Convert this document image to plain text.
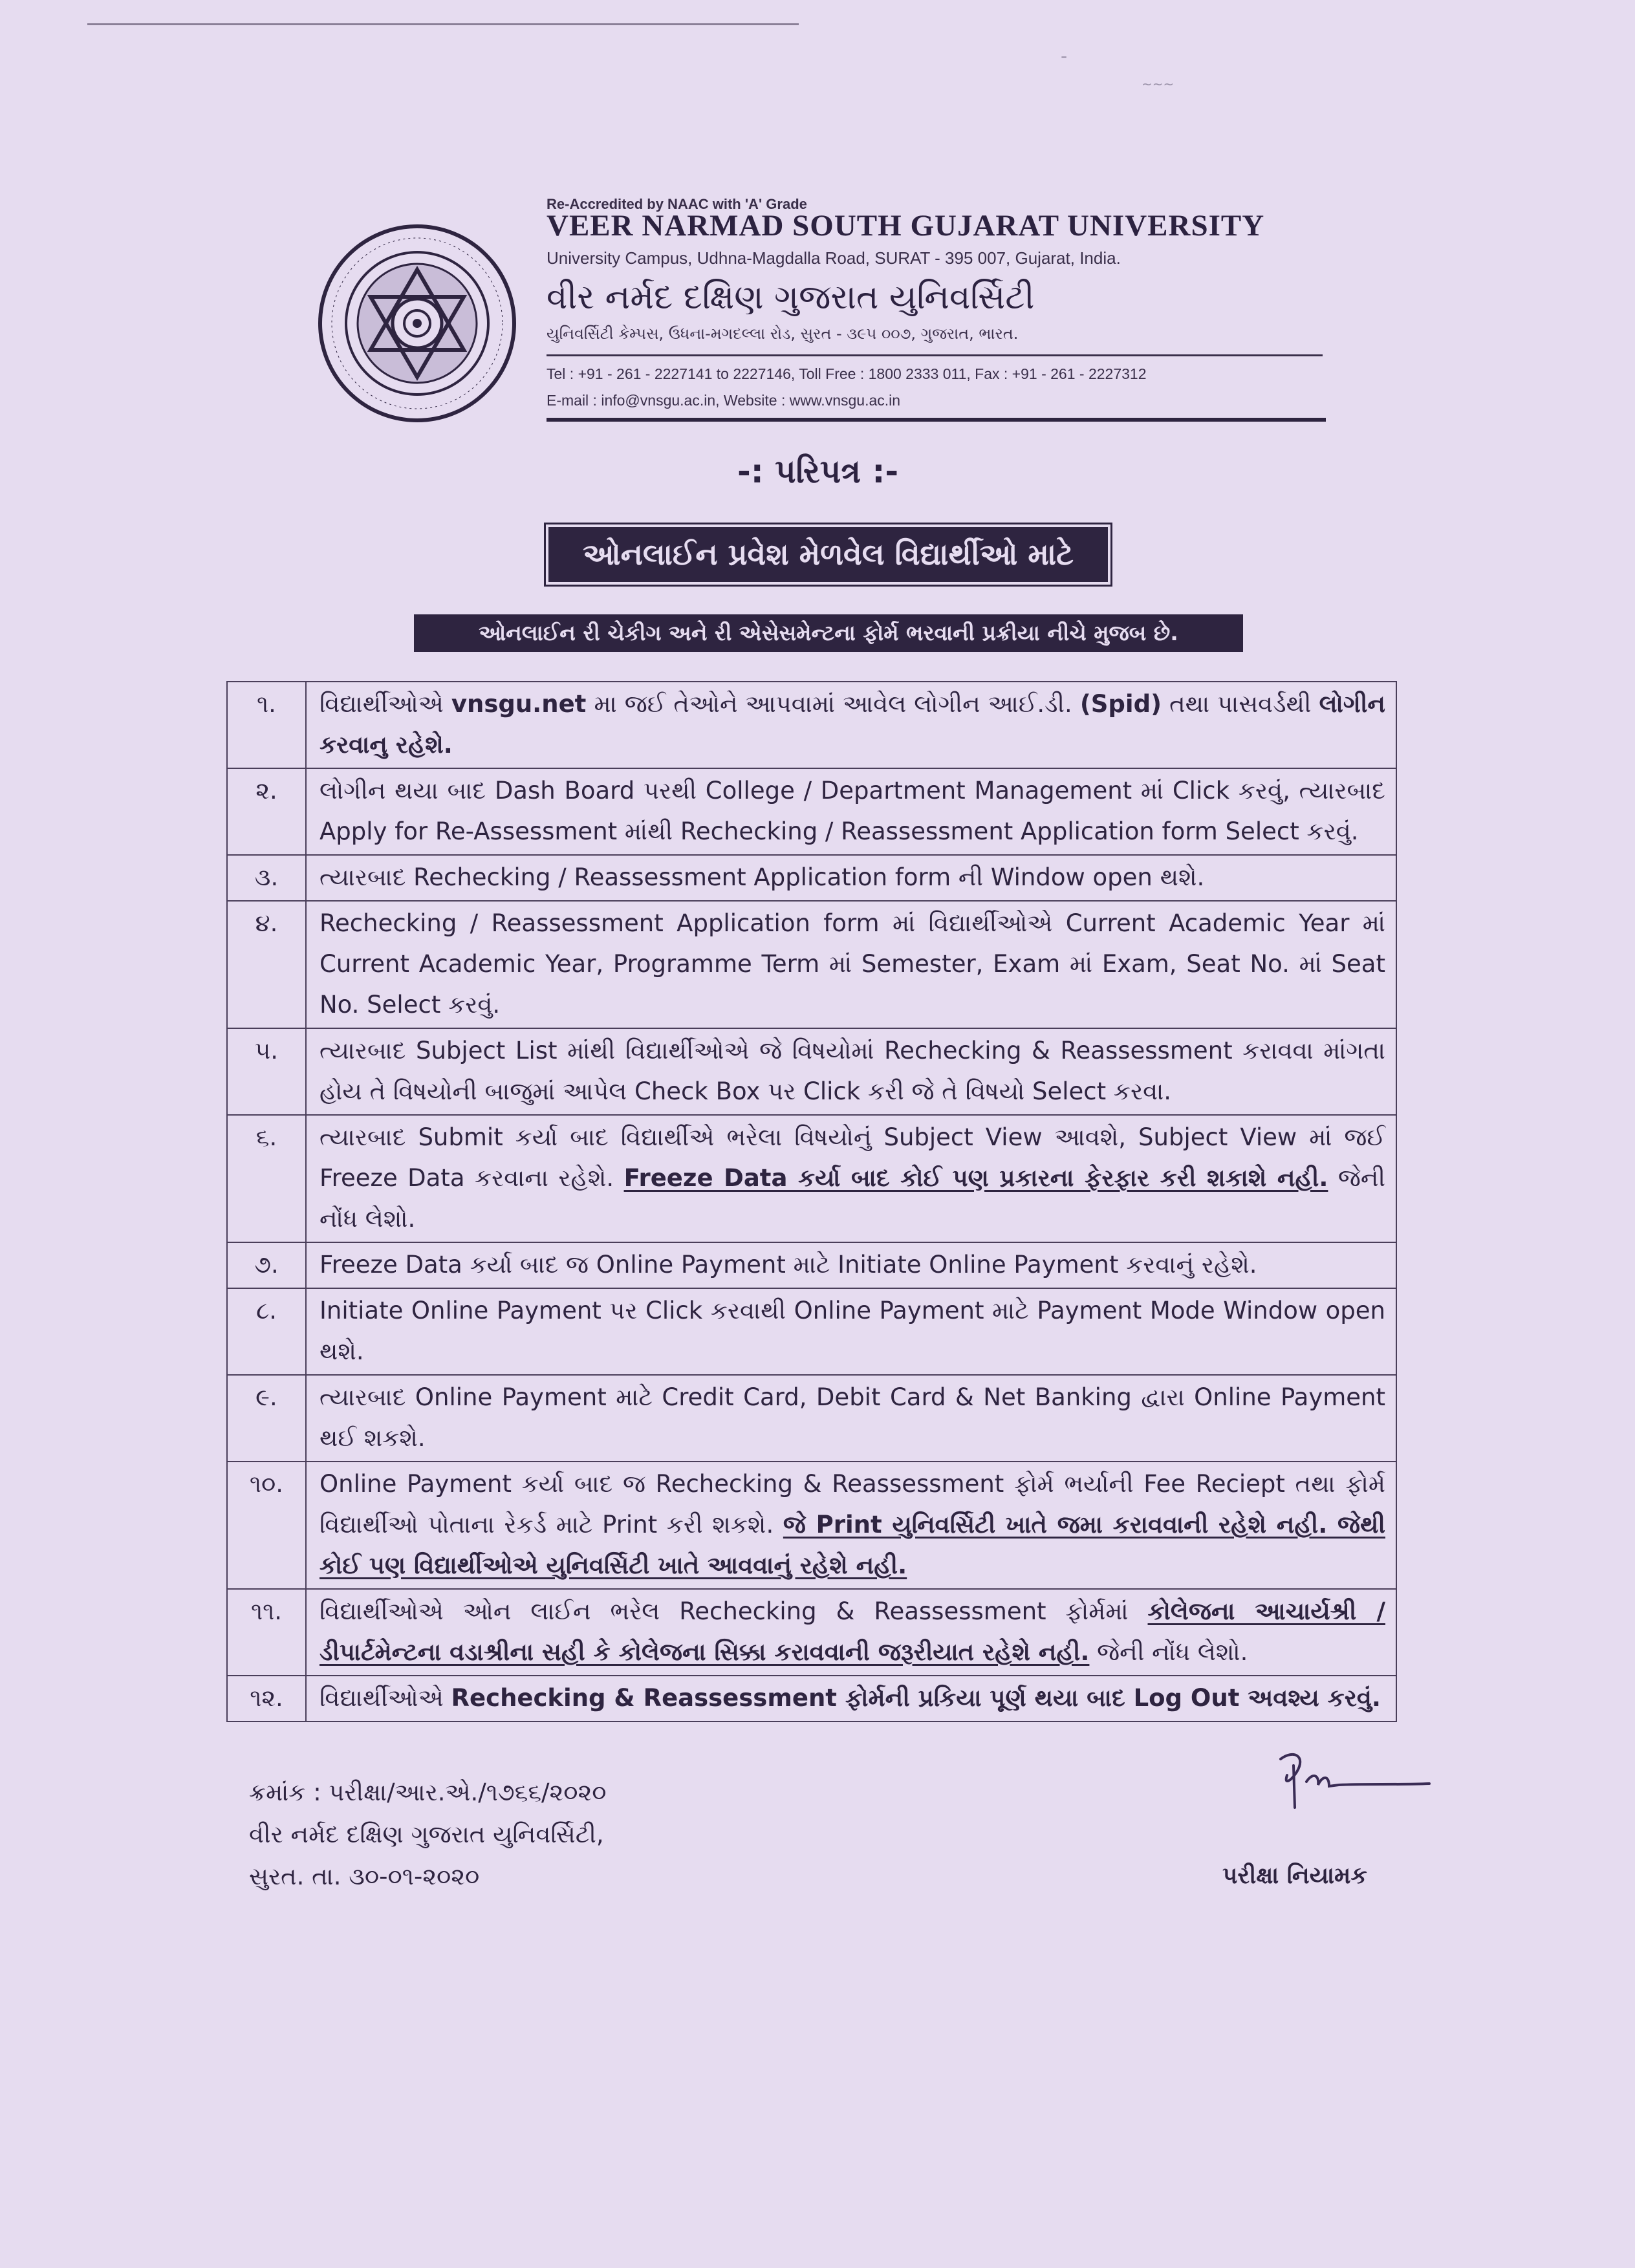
-
~~~
Re-Accredited by NAAC with 'A' Grade
VEER NARMAD SOUTH GUJARAT UNIVERSITY
University Campus, Udhna-Magdalla Road, SURAT - 395 007, Gujarat, India.
વીર નર્મદ દક્ષિણ ગુજરાત યુનિવર્સિટી
યુનિવર્સિટી કેમ્પસ, ઉધના-મગદલ્લા રોડ, સુરત - ૩૯૫ ૦૦૭, ગુજરાત, ભારત.
Tel : +91 - 261 - 2227141 to 2227146, Toll Free : 1800 2333 011, Fax : +91 - 261 - 2227312
E-mail : info@vnsgu.ac.in, Website : www.vnsgu.ac.in
-: પરિપત્ર :-
ઓનલાઈન પ્રવેશ મેળવેલ વિદ્યાર્થીઓ માટે
ઓનલાઈન રી ચેકીગ અને રી એસેસમેન્ટના ફોર્મ ભરવાની પ્રક્રીયા નીચે મુજબ છે.
૧.	વિદ્યાર્થીઓએ vnsgu.net મા જઈ તેઓને આપવામાં આવેલ લોગીન આઈ.ડી. (Spid) તથા પાસવર્ડથી લોગીન કરવાનુ રહેશે.
૨.	લોગીન થયા બાદ Dash Board પરથી College / Department Management માં Click કરવું, ત્યારબાદ Apply for Re-Assessment માંથી Rechecking / Reassessment Application form Select કરવું.
૩.	ત્યારબાદ Rechecking / Reassessment Application form ની Window open થશે.
૪.	Rechecking / Reassessment Application form માં વિદ્યાર્થીઓએ Current Academic Year માં Current Academic Year, Programme Term માં Semester, Exam માં Exam, Seat No. માં Seat No. Select કરવું.
૫.	ત્યારબાદ Subject List માંથી વિદ્યાર્થીઓએ જે વિષયોમાં Rechecking & Reassessment કરાવવા માંગતા હોય તે વિષયોની બાજુમાં આપેલ Check Box પર Click કરી જે તે વિષયો Select કરવા.
૬.	ત્યારબાદ Submit કર્યા બાદ વિદ્યાર્થીએ ભરેલા વિષયોનું Subject View આવશે, Subject View માં જઈ Freeze Data કરવાના રહેશે. Freeze Data કર્યા બાદ કોઈ પણ પ્રકારના ફેરફાર કરી શકાશે નહી. જેની નોંધ લેશો.
૭.	Freeze Data કર્યા બાદ જ Online Payment માટે Initiate Online Payment કરવાનું રહેશે.
૮.	Initiate Online Payment પર Click કરવાથી Online Payment માટે Payment Mode Window open થશે.
૯.	ત્યારબાદ Online Payment માટે Credit Card, Debit Card & Net Banking દ્વારા Online Payment થઈ શકશે.
૧૦.	Online Payment કર્યા બાદ જ Rechecking & Reassessment ફોર્મ ભર્યાની Fee Reciept તથા ફોર્મ વિદ્યાર્થીઓ પોતાના રેકર્ડ માટે Print કરી શકશે. જે Print યુનિવર્સિટી ખાતે જમા કરાવવાની રહેશે નહી. જેથી કોઈ પણ વિદ્યાર્થીઓએ યુનિવર્સિટી ખાતે આવવાનું રહેશે નહી.
૧૧.	વિદ્યાર્થીઓએ ઓન લાઈન ભરેલ Rechecking & Reassessment ફોર્મમાં કોલેજના આચાર્યશ્રી / ડીપાર્ટમેન્ટના વડાશ્રીના સહી કે કોલેજના સિક્કા કરાવવાની જરૂરીયાત રહેશે નહી. જેની નોંધ લેશો.
૧૨.	વિદ્યાર્થીઓએ Rechecking & Reassessment ફોર્મની પ્રકિયા પૂર્ણ થયા બાદ Log Out અવશ્ય કરવું.
ક્રમાંક : પરીક્ષા/આર.એ./૧૭૬૬/૨૦૨૦
વીર નર્મદ દક્ષિણ ગુજરાત યુનિવર્સિટી,
સુરત. તા. ૩૦-૦૧-૨૦૨૦	પરીક્ષા નિયામક
